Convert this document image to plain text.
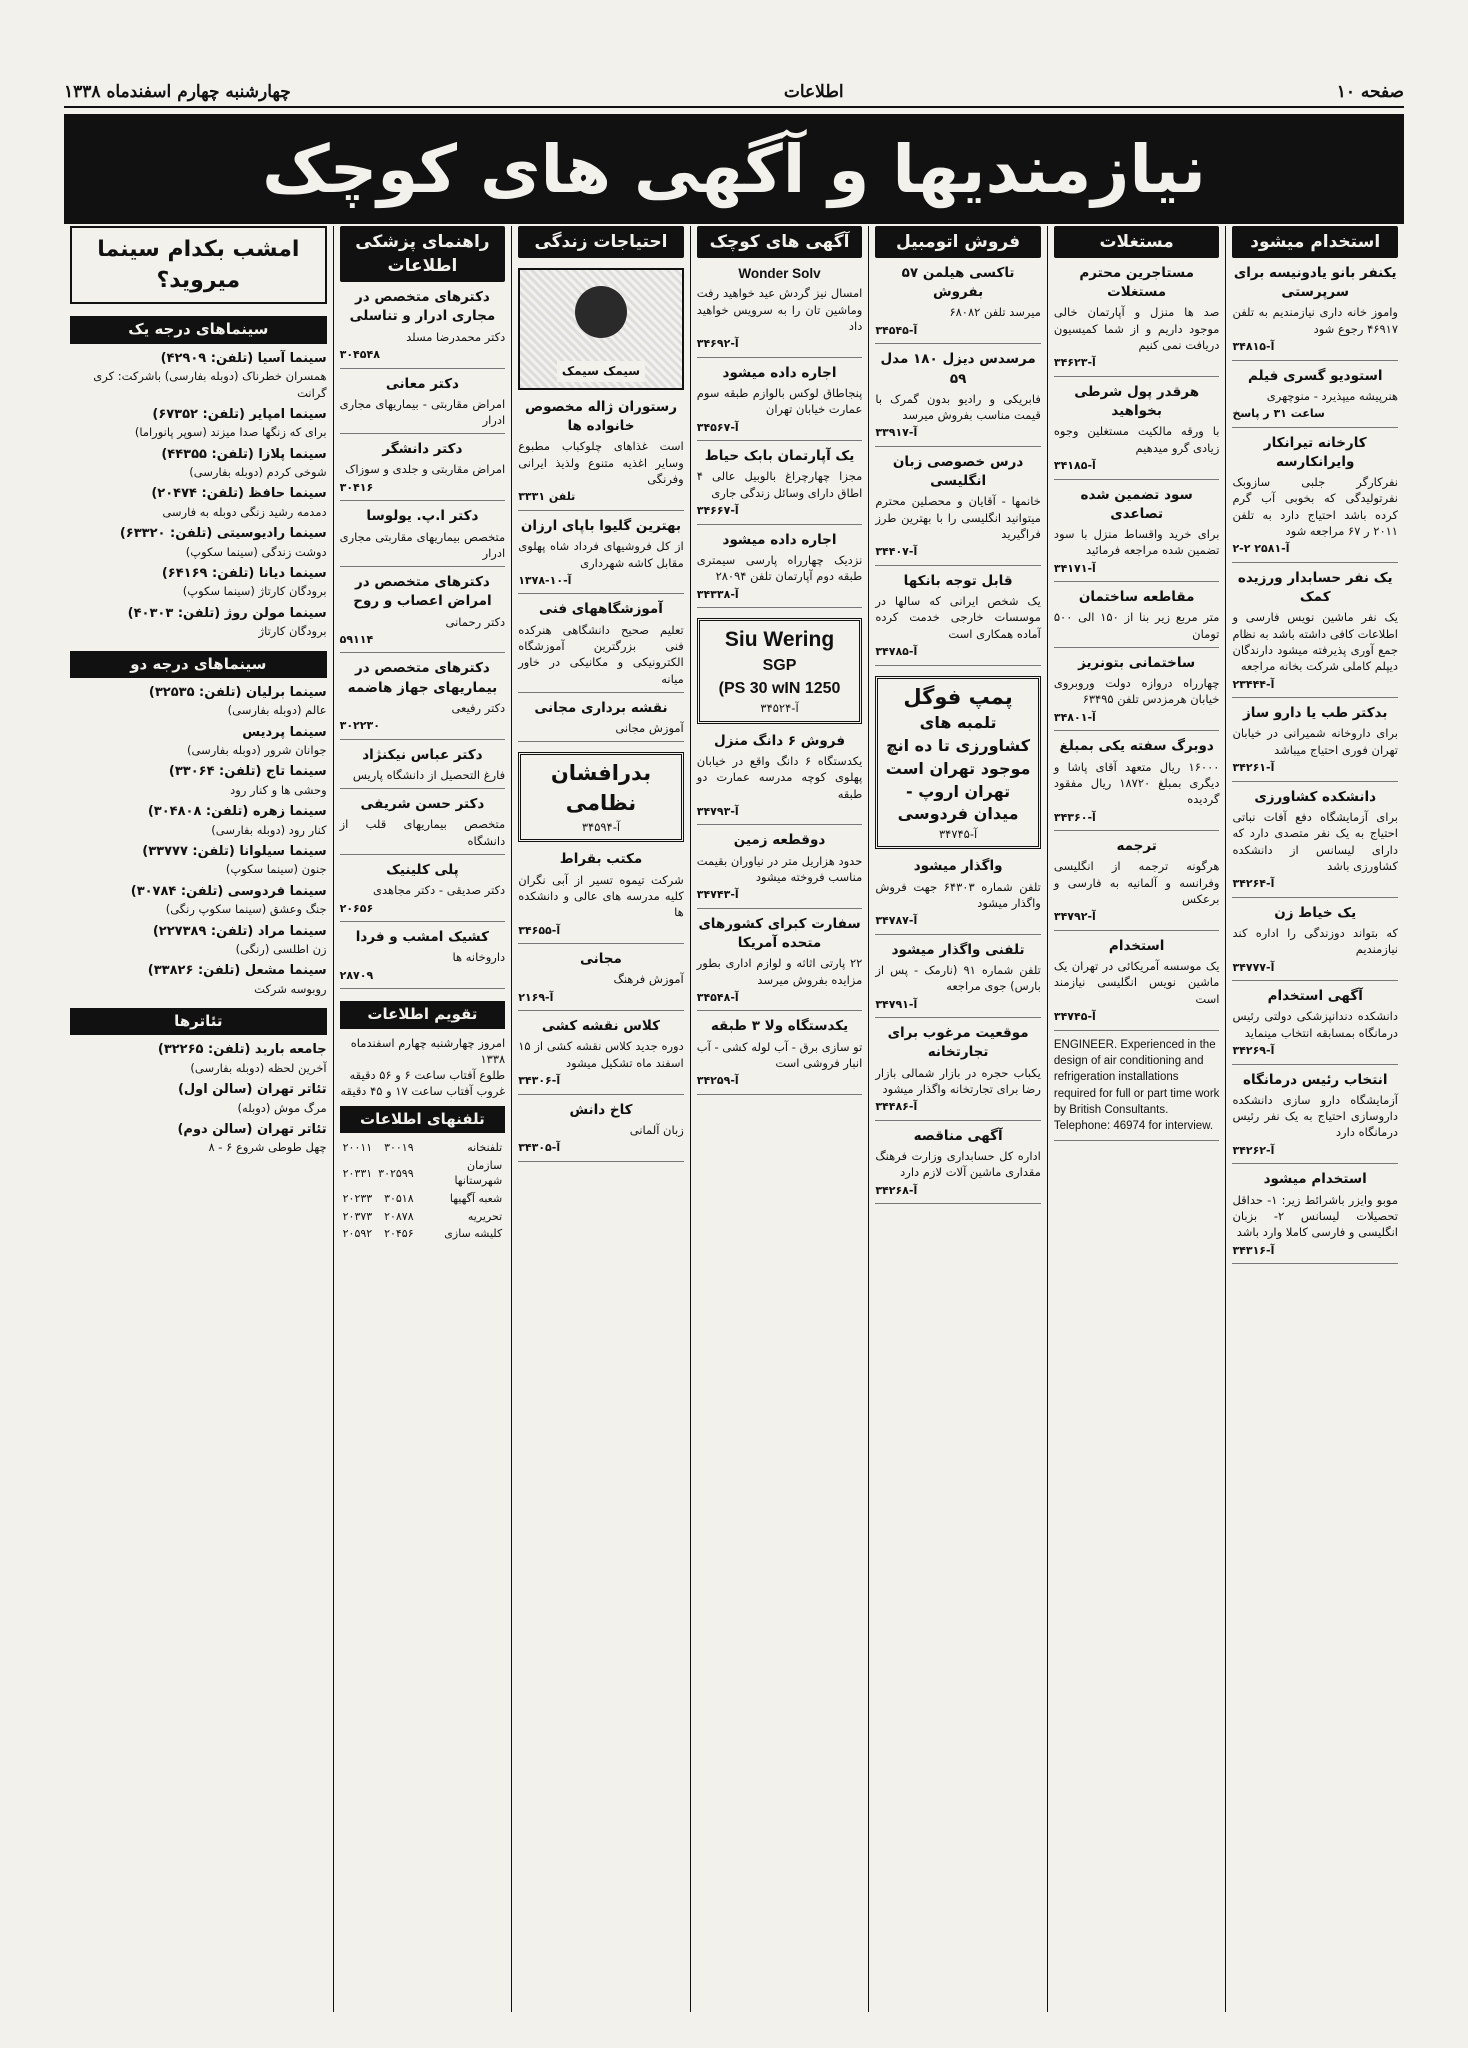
صفحه ۱۰
اطلاعات
چهارشنبه چهارم اسفندماه ۱۳۳۸
نیازمندیها و آگهی های کوچک
استخدام میشود
یکنفر بانو یادونیسه برای سرپرستی

واموز خانه داری نیازمندیم به تلفن ۴۶۹۱۷ رجوع شود

آ-۳۴۸۱۵
استودیو گسری فیلم

هنرپیشه میپذیرد - منوچهری

ساعت ۳۱ ر پاسخ
کارخانه تیرانکار وایرانکارسه

نفرکارگر جلبی سازوبک نفرتولیدگی که بخوبی آب گرم کرده باشد احتیاج دارد به تلفن ۲۰۱۱ ر ۶۷ مراجعه شود

آ-۲۵۸۱ ۲-۲
یک نفر حسابدار ورزیده کمک

یک نفر ماشین نویس فارسی و اطلاعات کافی داشته باشد به نظام جمع آوری پذیرفته میشود دارندگان دیپلم کاملی شرکت بخانه مراجعه

آ-۲۳۴۴۴
بدکتر طب یا دارو ساز

برای داروخانه شمیرانی در خیابان تهران فوری احتیاج میباشد

آ-۳۴۲۶۱
دانشکده کشاورزی

برای آزمایشگاه دفع آفات نباتی احتیاج به یک نفر متصدی دارد که دارای لیسانس از دانشکده کشاورزی باشد

آ-۳۴۲۶۴
یک خیاط زن

که بتواند دوزندگی را اداره کند نیازمندیم

آ-۳۴۷۷۷
آگهی استخدام

دانشکده دندانپزشکی دولتی رئیس درمانگاه بمسابقه انتخاب مینماید

آ-۳۴۲۶۹
انتخاب رئیس درمانگاه

آزمایشگاه دارو سازی دانشکده داروسازی احتیاج به یک نفر رئیس درمانگاه دارد

آ-۳۴۲۶۲
استخدام میشود

موبو وایزر باشرائط زیر: ۱- حداقل تحصیلات لیسانس ۲- بزبان انگلیسی و فارسی کاملا وارد باشد

آ-۳۴۳۱۶
مستغلات
مستاجرین محترم مستغلات

صد ها منزل و آپارتمان خالی موجود داریم و از شما کمیسیون دریافت نمی کنیم

آ-۳۴۶۲۳
هرقدر پول شرطی بخواهید

با ورقه مالکیت مستغلین وجوه زیادی گرو میدهیم

آ-۳۴۱۸۵
سود تضمین شده تصاعدی

برای خرید واقساط منزل با سود تضمین شده مراجعه فرمائید

آ-۳۴۱۷۱
مقاطعه ساختمان

متر مربع زیر بنا از ۱۵۰ الی ۵۰۰ تومان

ساختمانی بتونریز

چهارراه دروازه دولت وروبروی خیابان هرمزدس تلفن ۶۳۴۹۵

آ-۳۴۸۰۱
دوبرگ سفته یکی بمبلغ

۱۶۰۰۰ ریال متعهد آقای پاشا و دیگری بمبلغ ۱۸۷۲۰ ریال مفقود گردیده

آ-۳۴۳۶۰
ترجمه

هرگونه ترجمه از انگلیسی وفرانسه و آلمانیه به فارسی و برعکس

آ-۳۴۷۹۲
استخدام

یک موسسه آمریکائی در تهران یک ماشین نویس انگلیسی نیازمند است

آ-۳۴۷۴۵

ENGINEER. Experienced in the design of air conditioning and refrigeration installations required for full or part time work by British Consultants. Telephone: 46974 for interview.

فروش اتومبیل
تاکسی هیلمن ۵۷ بفروش

میرسد تلفن ۶۸۰۸۲

آ-۳۴۵۴۵
مرسدس دیزل ۱۸۰ مدل ۵۹

فابریکی و رادیو بدون گمرک با قیمت مناسب بفروش میرسد

آ-۳۳۹۱۷
درس خصوصی زبان انگلیسی

خانمها - آقایان و محصلین محترم میتوانید انگلیسی را با بهترین طرز فراگیرید

آ-۳۴۴۰۷
قابل توجه بانکها

یک شخص ایرانی که سالها در موسسات خارجی خدمت کرده آماده همکاری است

آ-۳۴۷۸۵
پمپ فوگل
تلمبه های کشاورزی تا ده انچ موجود تهران است
تهران اروپ - میدان فردوسی
آ-۳۴۷۴۵
واگذار میشود

تلفن شماره ۶۴۳۰۳ جهت فروش واگذار میشود

آ-۳۴۷۸۷
تلفنی واگذار میشود

تلفن شماره ۹۱ (نارمک - پس از بارس) جوی مراجعه

آ-۳۴۷۹۱
موقعیت مرغوب برای تجارتخانه

یکباب حجره در بازار شمالی بازار رضا برای تجارتخانه واگذار میشود

آ-۳۴۴۸۶
آگهی مناقصه

اداره کل حسابداری وزارت فرهنگ مقداری ماشین آلات لازم دارد

آ-۳۴۲۶۸
آگهی های کوچک
Wonder Solv

امسال نیز گردش عید خواهید رفت وماشین تان را به سرویس خواهید داد

آ-۳۴۶۹۲
اجاره داده میشود

پنجاطاق لوکس بالوازم طبقه سوم عمارت خیابان تهران

آ-۳۴۵۶۷
یک آپارتمان بابک حیاط

مجزا چهارچراغ بالوبیل عالی ۴ اطاق دارای وسائل زندگی جاری

آ-۳۴۶۶۷
اجاره داده میشود

نزدیک چهارراه پارسی سیمتری طبقه دوم آپارتمان تلفن ۲۸۰۹۴

آ-۳۴۳۳۸
Siu Wering
SGP
(PS 30 wIN 1250
آ-۳۴۵۲۴
فروش ۶ دانگ منزل

یکدستگاه ۶ دانگ واقع در خیابان پهلوی کوچه مدرسه عمارت دو طبقه

آ-۳۴۷۹۳
دوقطعه زمین

حدود هزاریل متر در نیاوران بقیمت مناسب فروخته میشود

آ-۳۴۷۴۳
سفارت کبرای کشورهای متحده آمریکا

۲۲ پارتی اثاثه و لوازم اداری بطور مزایده بفروش میرسد

آ-۳۴۵۴۸
یکدستگاه ولا ۳ طبقه

تو سازی برق - آب لوله کشی - آب انبار فروشی است

آ-۳۴۲۵۹
احتیاجات زندگی
سیمک سیمک
رستوران ژاله مخصوص خانواده ها

است غذاهای چلوکباب مطبوع وسایر اغذیه متنوع ولذیذ ایرانی وفرنگی

تلفن ۳۳۳۱
بهترین گلیوا باپای ارزان

از کل فروشیهای فرداد شاه پهلوی مقابل کاشه شهرداری

آ-۱۰-۱۳۷۸
آموزشگاههای فنی

تعلیم صحیح دانشگاهی هنرکده فنی بزرگترین آموزشگاه الکترونیکی و مکانیکی در خاور میانه

نقشه برداری مجانی

آموزش مجانی

بدرافشان نظامی
آ-۳۴۵۹۴
مکتب بقراط

شرکت تیموه تسیر از آبی نگران کلیه مدرسه های عالی و دانشکده ها

آ-۳۴۶۵۵
مجانی

آموزش فرهنگ

آ-۲۱۶۹
کلاس نقشه کشی

دوره جدید کلاس نقشه کشی از ۱۵ اسفند ماه تشکیل میشود

آ-۳۴۳۰۶
کاخ دانش

زبان آلمانی

آ-۳۴۳۰۵
راهنمای پزشکی اطلاعات
دکترهای متخصص در مجاری ادرار و تناسلی

دکتر محمدرضا مسلد

۳۰۴۵۴۸
دکتر معانی

امراض مقاربتی - بیماریهای مجاری ادرار

دکتر دانشگر

امراض مقاربتی و جلدی و سوزاک

۳۰۴۱۶
دکتر ا.پ. یولوسا

متخصص بیماریهای مقاربتی مجاری ادرار

دکترهای متخصص در امراض اعصاب و روح

دکتر رحمانی

۵۹۱۱۴
دکترهای متخصص در بیماریهای جهاز هاضمه

دکتر رفیعی

۳۰۲۲۳۰
دکتر عباس نیکنژاد

فارغ التحصیل از دانشگاه پاریس

دکتر حسن شریفی

متخصص بیماریهای قلب از دانشگاه

پلی کلینیک

دکتر صدیقی - دکتر مجاهدی

۲۰۶۵۶
کشیک امشب و فردا

داروخانه ها

۲۸۷۰۹
تقویم اطلاعات
امروز چهارشنبه چهارم اسفندماه ۱۳۳۸
طلوع آفتاب ساعت ۶ و ۵۶ دقیقه
غروب آفتاب ساعت ۱۷ و ۴۵ دقیقه
تلفنهای اطلاعات
تلفنخانه	۳۰۰۱۹	۲۰۰۱۱
سازمان شهرستانها	۳۰۲۵۹۹	۲۰۳۳۱
شعبه آگهیها	۳۰۵۱۸	۲۰۲۳۳
تحریریه	۲۰۸۷۸	۲۰۳۷۳
کلیشه سازی	۲۰۴۵۶	۲۰۵۹۲
امشب بکدام سینما میروید؟
سینماهای درجه یک
سینما آسیا (تلفن: ۴۲۹۰۹)
همسران خطرناک (دوبله بفارسی) باشرکت: کری گرانت
سینما امپایر (تلفن: ۶۷۳۵۲)
برای که زنگها صدا میزند (سوپر پانوراما)
سینما پلازا (تلفن: ۴۴۳۵۵)
شوخی کردم (دوبله بفارسی)
سینما حافظ (تلفن: ۲۰۴۷۴)
دمدمه رشید زنگی دوبله به فارسی
سینما رادیوسیتی (تلفن: ۶۳۳۲۰)
دوشت زندگی (سینما سکوپ)
سینما دیانا (تلفن: ۶۴۱۶۹)
برودگان کارتاژ (سینما سکوپ)
سینما مولن روژ (تلفن: ۴۰۳۰۳)
برودگان کارتاژ
سینماهای درجه دو
سینما برلیان (تلفن: ۳۲۵۳۵)
عالم (دوبله بفارسی)
سینما پردیس
جوانان شرور (دوبله بفارسی)
سینما تاج (تلفن: ۳۳۰۶۴)
وحشی ها و کنار رود
سینما زهره (تلفن: ۳۰۴۸۰۸)
کنار رود (دوبله بفارسی)
سینما سیلوانا (تلفن: ۳۳۷۷۷)
جنون (سینما سکوپ)
سینما فردوسی (تلفن: ۳۰۷۸۴)
جنگ وعشق (سینما سکوپ رنگی)
سینما مراد (تلفن: ۲۲۷۳۸۹)
زن اطلسی (رنگی)
سینما مشعل (تلفن: ۳۳۸۲۶)
روبوسه شرکت
تئاترها
جامعه باربد (تلفن: ۳۲۲۶۵)
آخرین لحظه (دوبله بفارسی)
تئاتر تهران (سالن اول)
مرگ موش (دوبله)
تئاتر تهران (سالن دوم)
چهل طوطی شروع ۶ - ۸
